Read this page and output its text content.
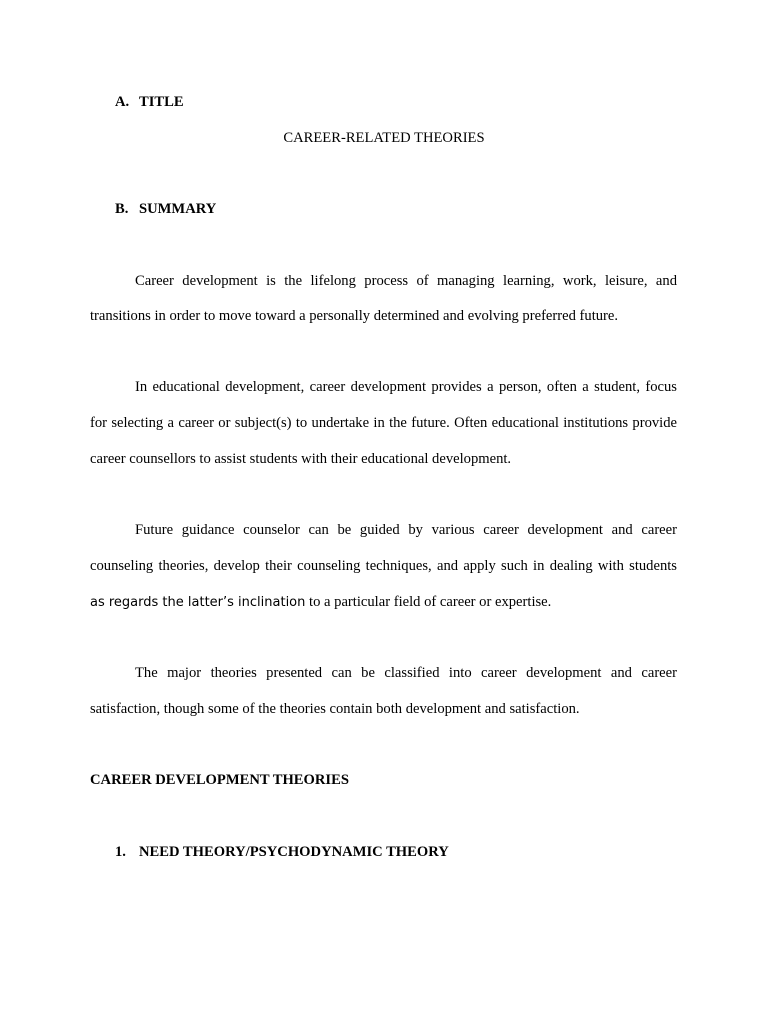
A. TITLE
CAREER-RELATED THEORIES
B. SUMMARY
Career development is the lifelong process of managing learning, work, leisure, and
transitions in order to move toward a personally determined and evolving preferred future.
In educational development, career development provides a person, often a student, focus
for selecting a career or subject(s) to undertake in the future. Often educational institutions provide
career counsellors to assist students with their educational development.
Future guidance counselor can be guided by various career development and career
counseling theories, develop their counseling techniques, and apply such in dealing with students
as regards the latter’s inclination to a particular field of career or expertise.
The major theories presented can be classified into career development and career
satisfaction, though some of the theories contain both development and satisfaction.
CAREER DEVELOPMENT THEORIES
1. NEED THEORY/PSYCHODYNAMIC THEORY
